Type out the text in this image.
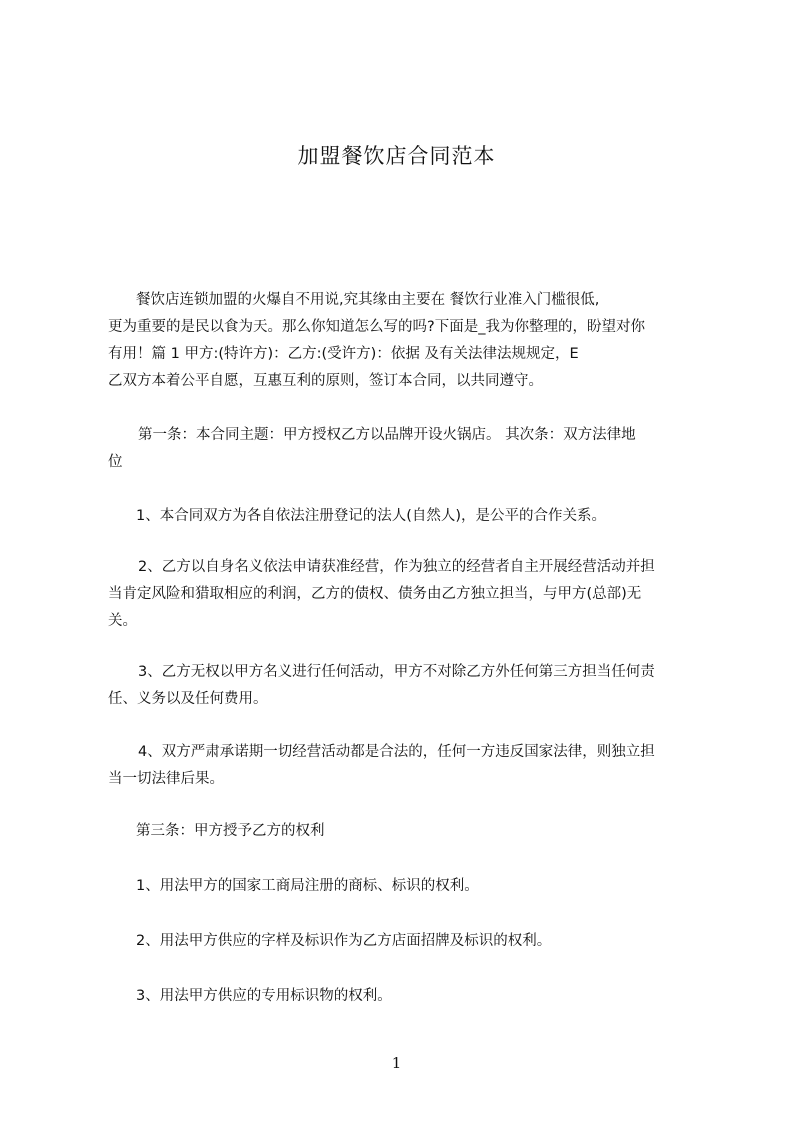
加盟餐饮店合同范本
餐饮店连锁加盟的火爆自不用说,究其缘由主要在 餐饮行业准入门槛很低,
更为重要的是民以食为天。那么你知道怎么写的吗?下面是_我为你整理的，盼望对你
有用！篇 1 甲方:(特许方)：乙方:(受许方)：依据 及有关法律法规规定，Ε
乙双方本着公平自愿，互惠互利的原则，签订本合同，以共同遵守。
第一条：本合同主题：甲方授权乙方以品牌开设火锅店。 其次条：双方法律地
位
1、本合同双方为各自依法注册登记的法人(自然人)，是公平的合作关系。
2、乙方以自身名义依法申请获准经营，作为独立的经营者自主开展经营活动并担
当肯定风险和猎取相应的利润，乙方的债权、债务由乙方独立担当，与甲方(总部)无
关。
3、乙方无权以甲方名义进行任何活动，甲方不对除乙方外任何第三方担当任何责
任、义务以及任何费用。
4、双方严肃承诺期一切经营活动都是合法的，任何一方违反国家法律，则独立担
当一切法律后果。
第三条：甲方授予乙方的权利
1、用法甲方的国家工商局注册的商标、标识的权利。
2、用法甲方供应的字样及标识作为乙方店面招牌及标识的权利。
3、用法甲方供应的专用标识物的权利。
1
